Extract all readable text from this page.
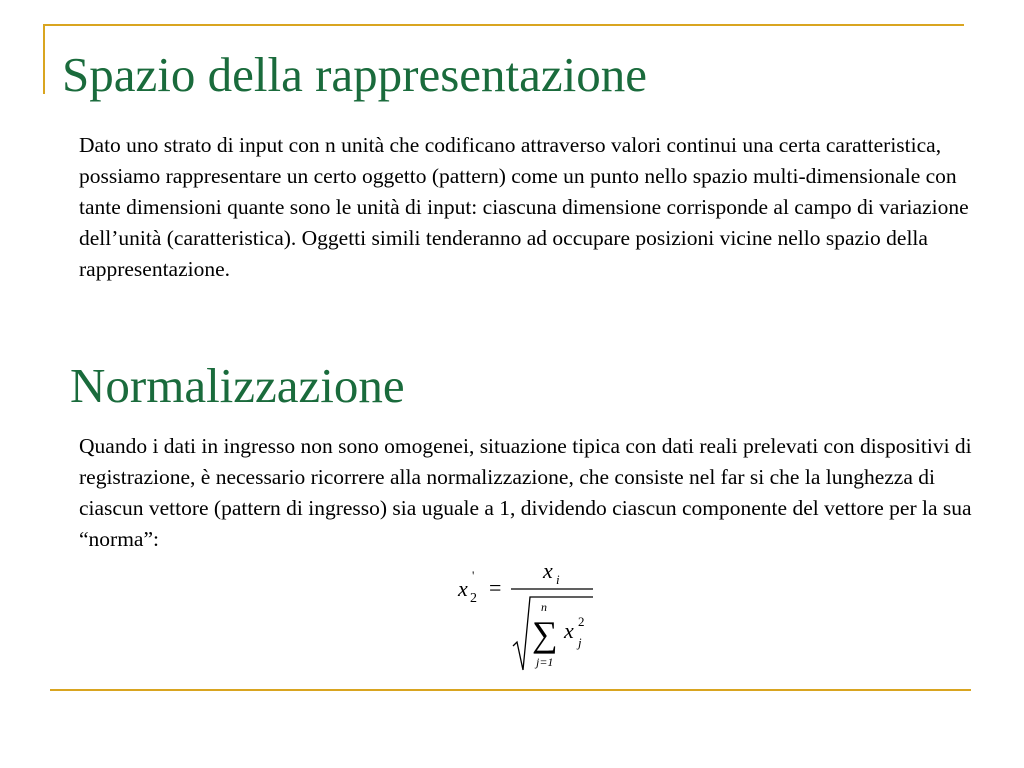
Spazio della rappresentazione

Dato uno strato di input con n unità che codificano attraverso valori continui una certa caratteristica, possiamo rappresentare un certo oggetto (pattern) come un punto nello spazio multi-dimensionale con tante dimensioni quante sono le unità di input: ciascuna dimensione corrisponde al campo di variazione dell’unità (caratteristica). Oggetti simili tenderanno ad occupare posizioni vicine nello spazio della rappresentazione.

Normalizzazione

Quando i dati in ingresso non sono omogenei, situazione tipica con dati reali prelevati con dispositivi di registrazione, è necessario ricorrere alla normalizzazione, che consiste nel far si che la lunghezza di ciascun vettore (pattern di ingresso) sia uguale a 1, dividendo ciascun componente del vettore per la sua “norma”:

x
'
2 =
x i
n
∑
j=1
x 2
j
